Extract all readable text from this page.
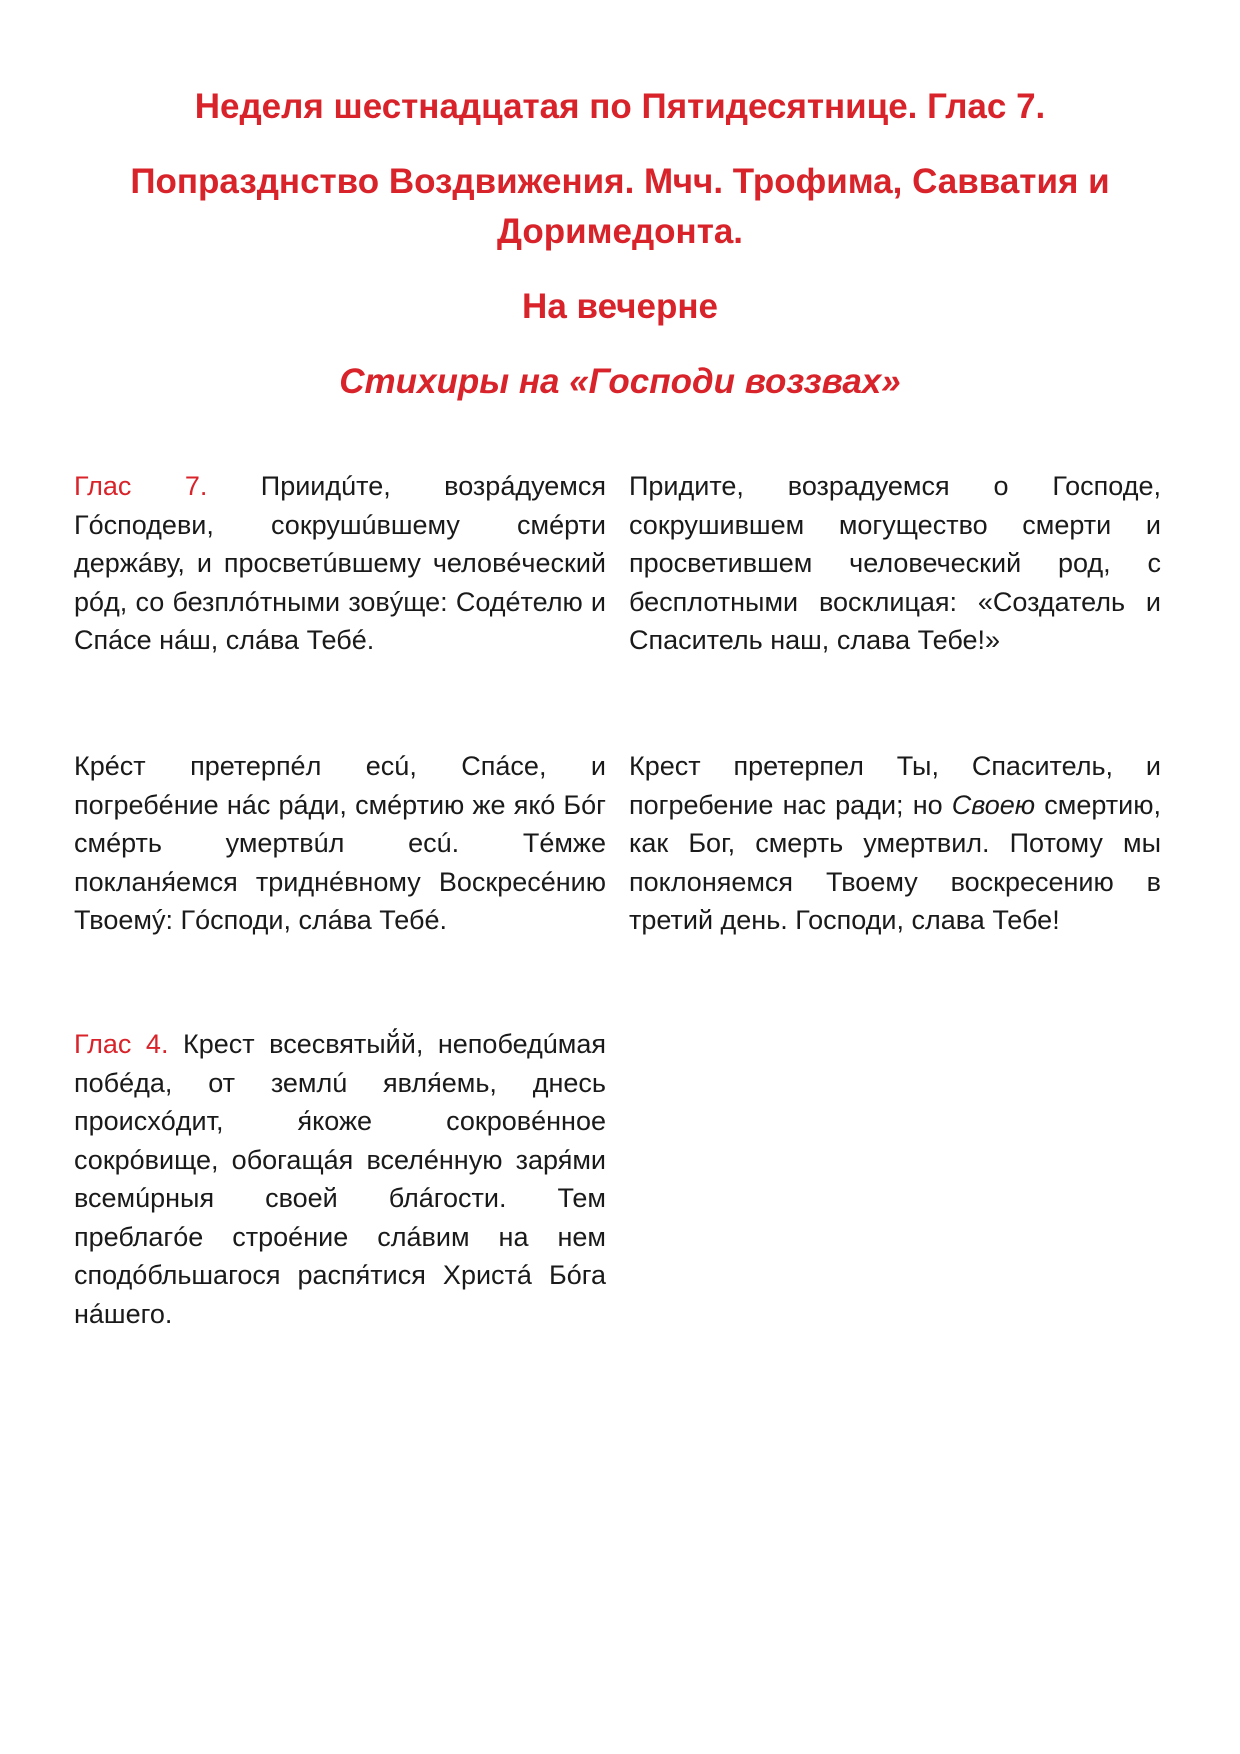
Неделя шестнадцатая по Пятидесятнице. Глас 7.
Попразднство Воздвижения. Мчч. Трофима, Савватия и Доримедонта.
На вечерне
Стихиры на «Господи воззвах»

Глас 7. Приидúте, возрáдуемся Гóсподеви, сокрушúвшему смéрти держáву, и просветúвшему человéческий рóд, со безплóтными зовýще: Содéтелю и Спáсе нáш, слáва Тебé.

Придите, возрадуемся о Господе, сокрушившем могущество смерти и просветившем человеческий род, с бесплотными восклицая: «Создатель и Спаситель наш, слава Тебе!»

Крéст претерпéл есú, Спáсе, и погребéние нáс рáди, смéртию же якó Бóг смéрть умертвúл есú. Тéмже покланя́емся тридне́вному Воскресéнию Твоемý: Гóсподи, слáва Тебé.

Крест претерпел Ты, Спаситель, и погребение нас ради; но Своею смертию, как Бог, смерть умертвил. Потому мы поклоняемся Твоему воскресению в третий день. Господи, слава Тебе!

Глас 4. Крест всесвятый́й, непобедúмая побéда, от землú явля́емь, днесь происхóдит, я́коже сокровéнное сокрóвище, обогащáя вселéнную заря́ми всемúрныя своей блáгости. Тем преблагóе строéние слáвим на нем сподóбльшагося распя́тися Христá Бóга нáшего.
